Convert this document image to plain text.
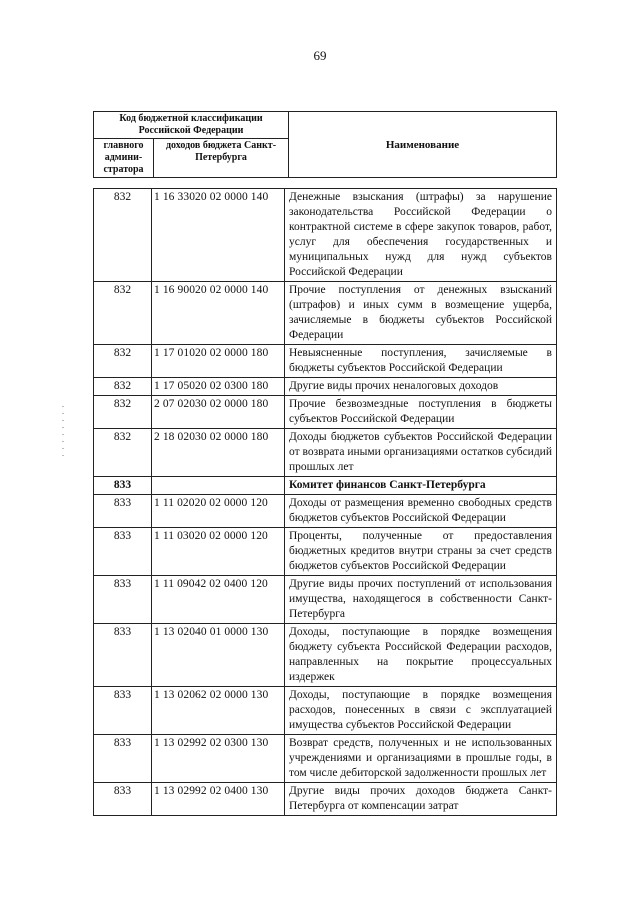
69
Код бюджетной классификации Российской Федерации		Наименование
главного админи-стратора	доходов бюджета Санкт-Петербурга	
832	1 16 33020 02 0000 140	Денежные взыскания (штрафы) за нарушение законодательства Российской Федерации о контрактной системе в сфере закупок товаров, работ, услуг для обеспечения государственных и муниципальных нужд для нужд субъектов Российской Федерации
832	1 16 90020 02 0000 140	Прочие поступления от денежных взысканий (штрафов) и иных сумм в возмещение ущерба, зачисляемые в бюджеты субъектов Российской Федерации
832	1 17 01020 02 0000 180	Невыясненные поступления, зачисляемые в бюджеты субъектов Российской Федерации
832	1 17 05020 02 0300 180	Другие виды прочих неналоговых доходов
832	2 07 02030 02 0000 180	Прочие безвозмездные поступления в бюджеты субъектов Российской Федерации
832	2 18 02030 02 0000 180	Доходы бюджетов субъектов Российской Федерации от возврата иными организациями остатков субсидий прошлых лет
833		Комитет финансов Санкт-Петербурга
833	1 11 02020 02 0000 120	Доходы от размещения временно свободных средств бюджетов субъектов Российской Федерации
833	1 11 03020 02 0000 120	Проценты, полученные от предоставления бюджетных кредитов внутри страны за счет средств бюджетов субъектов Российской Федерации
833	1 11 09042 02 0400 120	Другие виды прочих поступлений от использования имущества, находящегося в собственности Санкт-Петербурга
833	1 13 02040 01 0000 130	Доходы, поступающие в порядке возмещения бюджету субъекта Российской Федерации расходов, направленных на покрытие процессуальных издержек
833	1 13 02062 02 0000 130	Доходы, поступающие в порядке возмещения расходов, понесенных в связи с эксплуатацией имущества субъектов Российской Федерации
833	1 13 02992 02 0300 130	Возврат средств, полученных и не использованных учреждениями и организациями в прошлые годы, в том числе дебиторской задолженности прошлых лет
833	1 13 02992 02 0400 130	Другие виды прочих доходов бюджета Санкт-Петербурга от компенсации затрат
